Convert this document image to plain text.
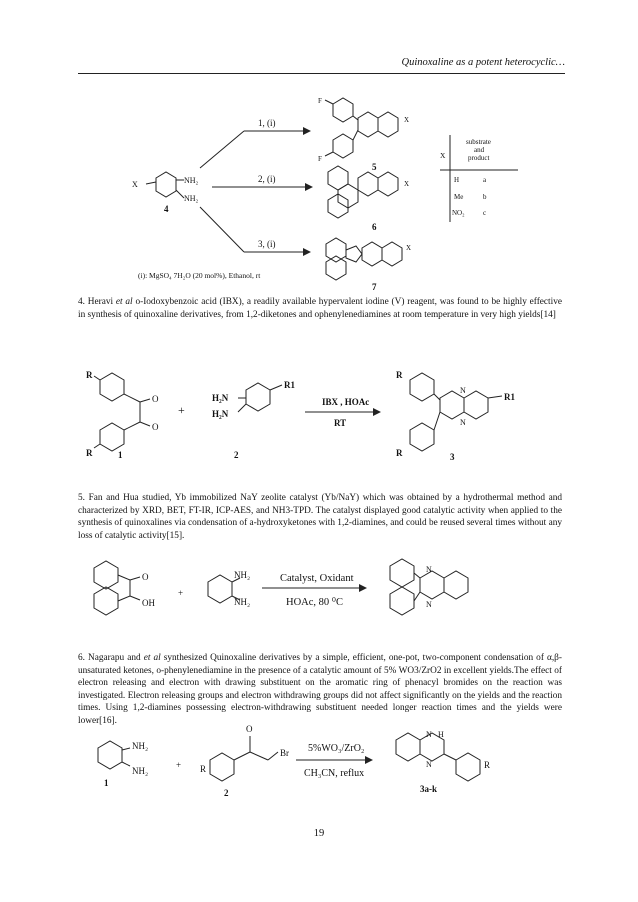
Quinoxaline as a potent heterocyclic…
X	NH₂
NH₂
4
1, (i)
2, (i)
3, (i)
F
F
X
5
X
6
X
7
(i): MgSO₄ 7H₂O (20 mol%), Ethanol, rt
X
substrate
and
product
H	a
Me	b
NO₂	c
R
R
O
O
+
H₂N
H₂N
R1
IBX , HOAc
RT
R
R
R1
N
N
1	2	3
O
OH
+
NH₂
NH₂
Catalyst, Oxidant
HOAc, 80 ⁰C
N
N
NH₂
NH₂
+ R
O
Br 5%WO₃/ZrO₂
CH₃CN, reflux
N H
N	R
1
2	3a-k
4. Heravi et al o-Iodoxybenzoic acid (IBX), a readily available hypervalent iodine (V) reagent, was found to be highly effective in synthesis of quinoxaline derivatives, from 1,2-diketones and ophenylenediamines at room temperature in very high yields[14]
5. Fan and Hua studied, Yb immobilized NaY zeolite catalyst (Yb/NaY) which was obtained by a hydrothermal method and characterized by XRD, BET, FT-IR, ICP-AES, and NH3-TPD. The catalyst displayed good catalytic activity when applied to the synthesis of quinoxalines via condensation of a-hydroxyketones with 1,2-diamines, and could be reused several times without any loss of catalytic activity[15].
6. Nagarapu and et al synthesized Quinoxaline derivatives by a simple, efficient, one-pot, two-component condensation of α,β-unsaturated ketones, o-phenylenediamine in the presence of a catalytic amount of 5% WO3/ZrO2 in excellent yields.The effect of electron releasing and electron with drawing substituent on the aromatic ring of phenacyl bromides on the reaction was investigated. Electron releasing groups and electron withdrawing groups did not affect significantly on the yields and the reaction times. Using 1,2-diamines possessing electron-withdrawing substituent needed longer reaction times and the yields were lower[16].
19
